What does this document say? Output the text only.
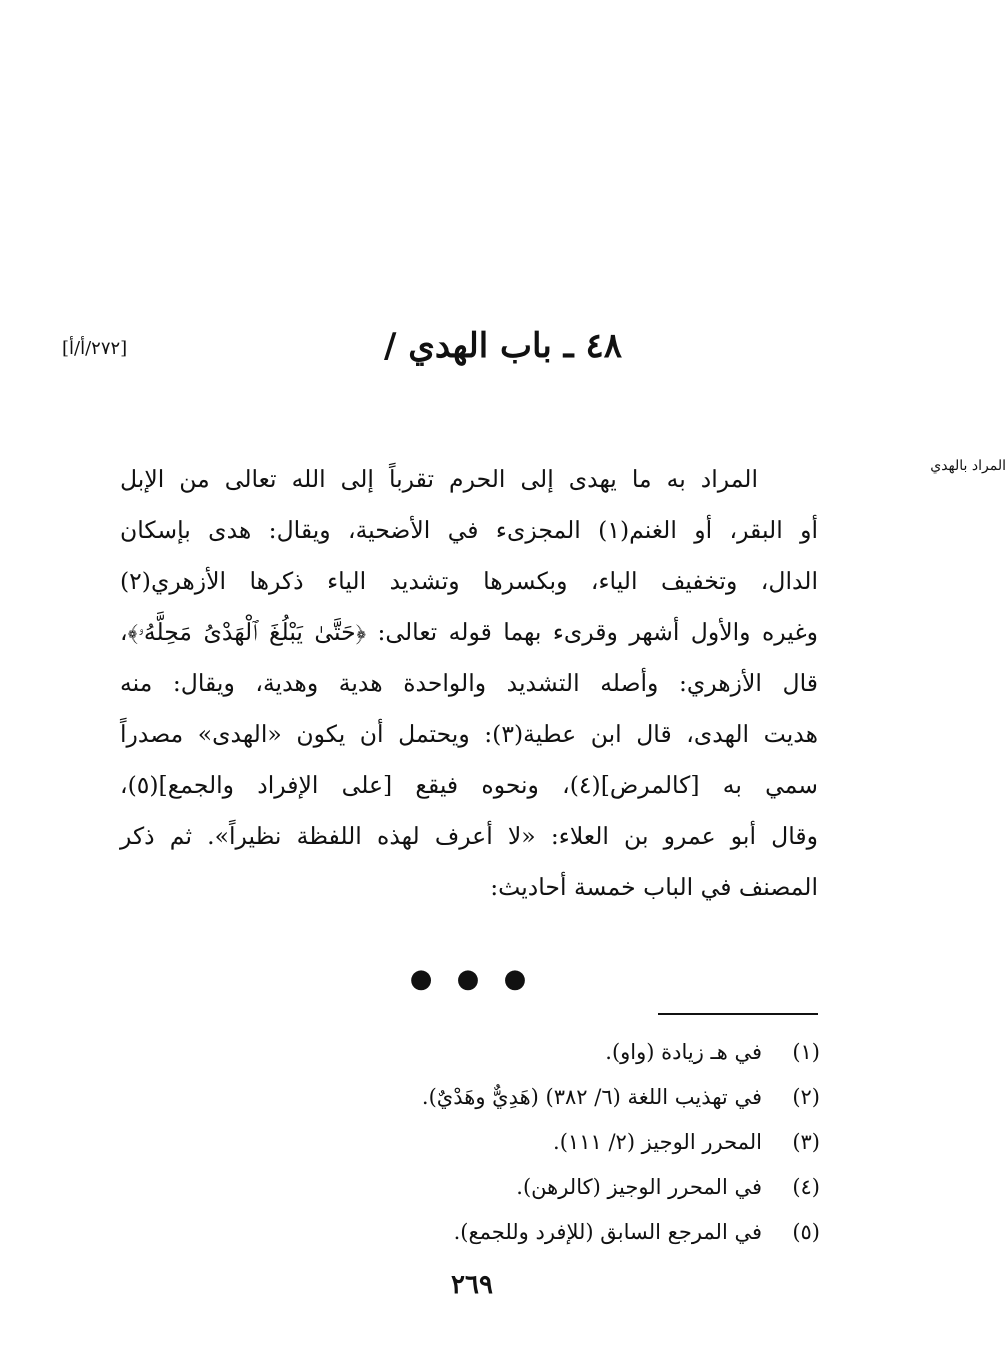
٤٨ ـ باب الهدي /
[٢٧٢/أ/أ]
المراد بالهدي
المراد به ما يهدى إلى الحرم تقرباً إلى الله تعالى من الإبل
أو البقر، أو الغنم(١) المجزىء في الأضحية، ويقال: هدى بإسكان
الدال، وتخفيف الياء، وبكسرها وتشديد الياء ذكرها الأزهري(٢)
وغيره والأول أشهر وقرىء بهما قوله تعالى: ﴿حَتَّىٰ يَبْلُغَ ٱلْهَدْىُ مَحِلَّهُۥ﴾،
قال الأزهري: وأصله التشديد والواحدة هدية وهدية، ويقال: منه
هديت الهدى، قال ابن عطية(٣): ويحتمل أن يكون «الهدى» مصدراً
سمي به [كالمرض](٤)، ونحوه فيقع [على الإفراد والجمع](٥)،
وقال أبو عمرو بن العلاء: «لا أعرف لهذه اللفظة نظيراً». ثم ذكر
المصنف في الباب خمسة أحاديث:
● ● ●
(١)
في هـ زيادة (واو).
(٢)
في تهذيب اللغة (٦/ ٣٨٢) (هَدِيٌّ وهَدْيٌ).
(٣)
المحرر الوجيز (٢/ ١١١).
(٤)
في المحرر الوجيز (كالرهن).
(٥)
في المرجع السابق (للإفرد وللجمع).
٢٦٩
